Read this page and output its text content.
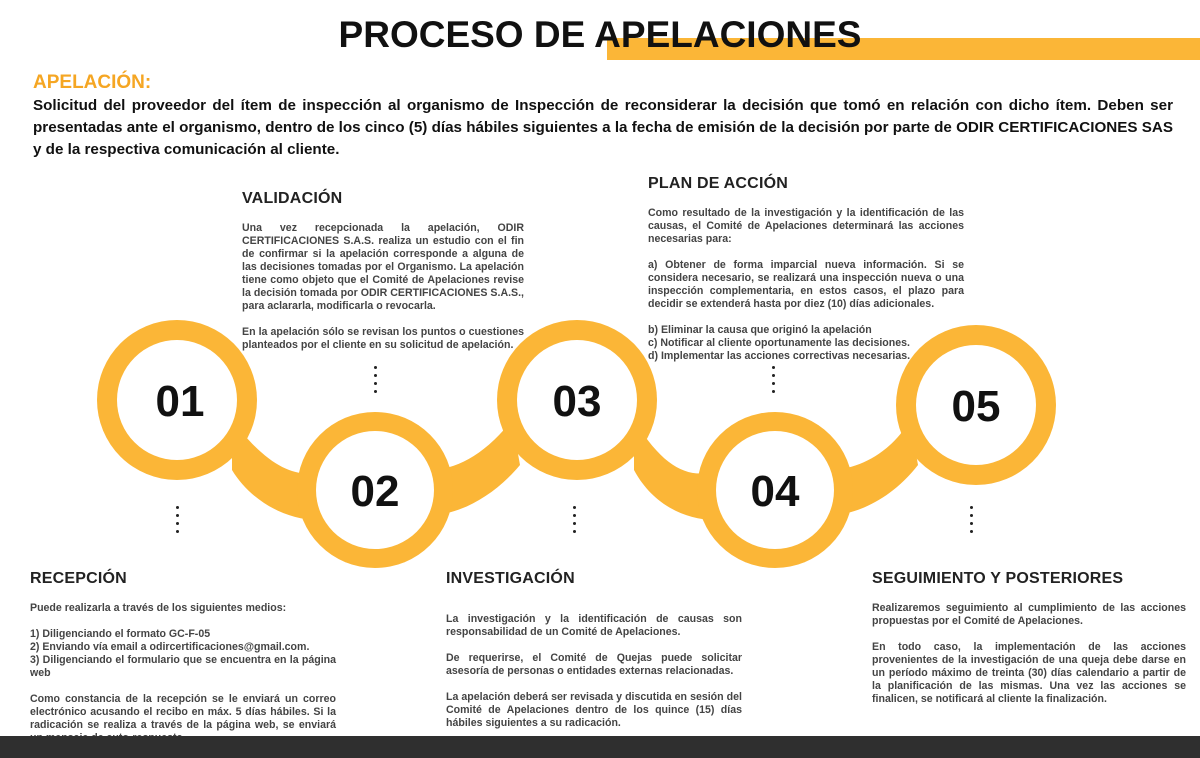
PROCESO DE APELACIONES
APELACIÓN:
Solicitud del proveedor del ítem de inspección al organismo de Inspección de reconsiderar la decisión que tomó en relación con dicho ítem. Deben ser presentadas ante el organismo, dentro de los cinco (5) días hábiles siguientes a la fecha de emisión de la decisión por parte de ODIR CERTIFICACIONES SAS y de la respectiva comunicación al cliente.
01
02
03
04
05
VALIDACIÓN

Una vez recepcionada la apelación, ODIR CERTIFICACIONES S.A.S. realiza un estudio con el fin de confirmar si la apelación corresponde a alguna de las decisiones tomadas por el Organismo. La apelación tiene como objeto que el Comité de Apelaciones revise la decisión tomada por ODIR CERTIFICACIONES S.A.S., para aclararla, modificarla o revocarla.

En la apelación sólo se revisan los puntos o cuestiones planteados por el cliente en su solicitud de apelación.

PLAN DE ACCIÓN

Como resultado de la investigación y la identificación de las causas, el Comité de Apelaciones determinará las acciones necesarias para:

a) Obtener de forma imparcial nueva información. Si se considera necesario, se realizará una inspección nueva o una inspección complementaria, en estos casos, el plazo para decidir se extenderá hasta por diez (10) días adicionales.

b) Eliminar la causa que originó la apelación
c) Notificar al cliente oportunamente las decisiones.
d) Implementar las acciones correctivas necesarias.

RECEPCIÓN

Puede realizarla a través de los siguientes medios:

1) Diligenciando el formato GC-F-05
2) Enviando vía email a odircertificaciones@gmail.com.
3) Diligenciando el formulario que se encuentra en la página web

Como constancia de la recepción se le enviará un correo electrónico acusando el recibo en máx. 5 días hábiles. Si la radicación se realiza a través de la página web, se enviará

INVESTIGACIÓN

La investigación y la identificación de causas son responsabilidad de un Comité de Apelaciones.

De requerirse, el Comité de Quejas puede solicitar asesoría de personas o entidades externas relacionadas.

La apelación deberá ser revisada y discutida en sesión del Comité de Apelaciones dentro de los quince (15) días hábiles siguientes a su radicación.

SEGUIMIENTO Y POSTERIORES

Realizaremos seguimiento al cumplimiento de las acciones propuestas por el Comité de Apelaciones.

En todo caso, la implementación de las acciones provenientes de la investigación de una queja debe darse en un período máximo de treinta (30) días calendario a partir de la planificación de las mismas. Una vez las acciones se finalicen, se notificará al cliente la finalización.
